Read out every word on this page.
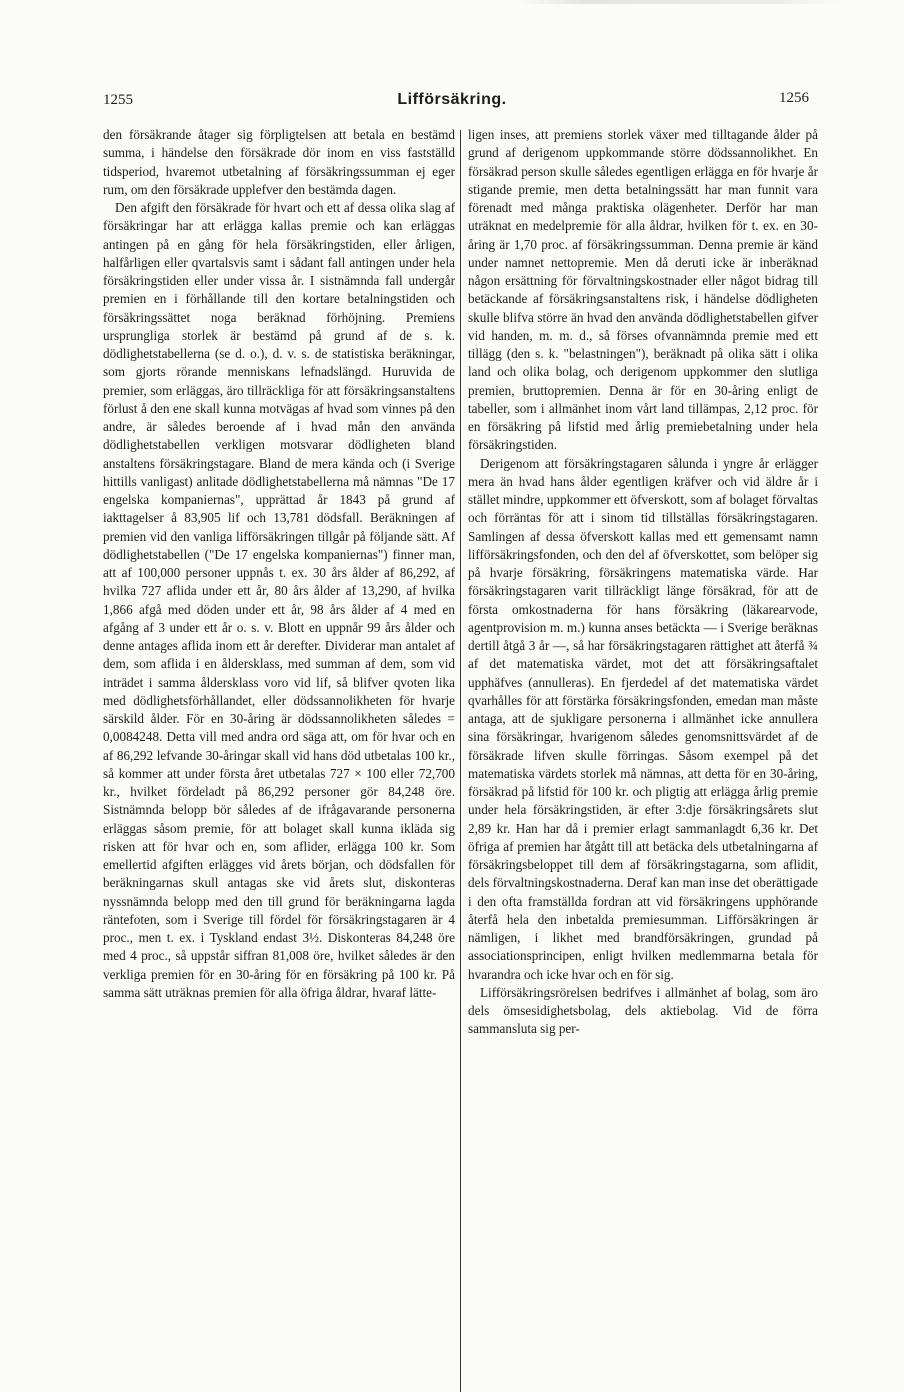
1255	Lifförsäkring.	1256

den försäkrande åtager sig förpligtelsen att betala en bestämd summa, i händelse den försäkrade dör inom en viss fastställd tidsperiod, hvaremot utbetalning af försäkringssumman ej eger rum, om den försäkrade upplefver den bestämda dagen.

Den afgift den försäkrade för hvart och ett af dessa olika slag af försäkringar har att erlägga kallas premie och kan erläggas antingen på en gång för hela försäkringstiden, eller årligen, halfårligen eller qvartalsvis samt i sådant fall antingen under hela försäkringstiden eller under vissa år. I sistnämnda fall undergår premien en i förhållande till den kortare betalningstiden och försäkringssättet noga beräknad förhöjning. Premiens ursprungliga storlek är bestämd på grund af de s. k. dödlighetstabellerna (se d. o.), d. v. s. de statistiska beräkningar, som gjorts rörande menniskans lefnadslängd. Huruvida de premier, som erläggas, äro tillräckliga för att försäkringsanstaltens förlust å den ene skall kunna motvägas af hvad som vinnes på den andre, är således beroende af i hvad mån den använda dödlighetstabellen verkligen motsvarar dödligheten bland anstaltens försäkringstagare. Bland de mera kända och (i Sverige hittills vanligast) anlitade dödlighetstabellerna må nämnas "De 17 engelska kompaniernas", upprättad år 1843 på grund af iakttagelser å 83,905 lif och 13,781 dödsfall. Beräkningen af premien vid den vanliga lifförsäkringen tillgår på följande sätt. Af dödlighetstabellen ("De 17 engelska kompaniernas") finner man, att af 100,000 personer uppnås t. ex. 30 års ålder af 86,292, af hvilka 727 aflida under ett år, 80 års ålder af 13,290, af hvilka 1,866 afgå med döden under ett år, 98 års ålder af 4 med en afgång af 3 under ett år o. s. v. Blott en uppnår 99 års ålder och denne antages aflida inom ett år derefter. Dividerar man antalet af dem, som aflida i en åldersklass, med summan af dem, som vid inträdet i samma åldersklass voro vid lif, så blifver qvoten lika med dödlighetsförhållandet, eller dödssannolikheten för hvarje särskild ålder. För en 30-åring är dödssannolikheten således = 0,0084248. Detta vill med andra ord säga att, om för hvar och en af 86,292 lefvande 30-åringar skall vid hans död utbetalas 100 kr., så kommer att under första året utbetalas 727 × 100 eller 72,700 kr., hvilket fördeladt på 86,292 personer gör 84,248 öre. Sistnämnda belopp bör således af de ifrågavarande personerna erläggas såsom premie, för att bolaget skall kunna ikläda sig risken att för hvar och en, som aflider, erlägga 100 kr. Som emellertid afgiften erlägges vid årets början, och dödsfallen för beräkningarnas skull antagas ske vid årets slut, diskonteras nyssnämnda belopp med den till grund för beräkningarna lagda räntefoten, som i Sverige till fördel för försäkringstagaren är 4 proc., men t. ex. i Tyskland endast 3½. Diskonteras 84,248 öre med 4 proc., så uppstår siffran 81,008 öre, hvilket således är den verkliga premien för en 30-åring för en försäkring på 100 kr. På samma sätt uträknas premien för alla öfriga åldrar, hvaraf lätte-

ligen inses, att premiens storlek växer med tilltagande ålder på grund af derigenom uppkommande större dödssannolikhet. En försäkrad person skulle således egentligen erlägga en för hvarje år stigande premie, men detta betalningssätt har man funnit vara förenadt med många praktiska olägenheter. Derför har man uträknat en medelpremie för alla åldrar, hvilken för t. ex. en 30-åring är 1,70 proc. af försäkringssumman. Denna premie är känd under namnet nettopremie. Men då deruti icke är inberäknad någon ersättning för förvaltningskostnader eller något bidrag till betäckande af försäkringsanstaltens risk, i händelse dödligheten skulle blifva större än hvad den använda dödlighetstabellen gifver vid handen, m. m. d., så förses ofvannämnda premie med ett tillägg (den s. k. "belastningen"), beräknadt på olika sätt i olika land och olika bolag, och derigenom uppkommer den slutliga premien, bruttopremien. Denna är för en 30-åring enligt de tabeller, som i allmänhet inom vårt land tillämpas, 2,12 proc. för en försäkring på lifstid med årlig premiebetalning under hela försäkringstiden.

Derigenom att försäkringstagaren sålunda i yngre år erlägger mera än hvad hans ålder egentligen kräfver och vid äldre år i stället mindre, uppkommer ett öfverskott, som af bolaget förvaltas och förräntas för att i sinom tid tillställas försäkringstagaren. Samlingen af dessa öfverskott kallas med ett gemensamt namn lifförsäkringsfonden, och den del af öfverskottet, som belöper sig på hvarje försäkring, försäkringens matematiska värde. Har försäkringstagaren varit tillräckligt länge försäkrad, för att de första omkostnaderna för hans försäkring (läkarearvode, agentprovision m. m.) kunna anses betäckta — i Sverige beräknas dertill åtgå 3 år —, så har försäkringstagaren rättighet att återfå ¾ af det matematiska värdet, mot det att försäkringsaftalet upphäfves (annulleras). En fjerdedel af det matematiska värdet qvarhålles för att förstärka försäkringsfonden, emedan man måste antaga, att de sjukligare personerna i allmänhet icke annullera sina försäkringar, hvarigenom således genomsnittsvärdet af de försäkrade lifven skulle förringas. Såsom exempel på det matematiska värdets storlek må nämnas, att detta för en 30-åring, försäkrad på lifstid för 100 kr. och pligtig att erlägga årlig premie under hela försäkringstiden, är efter 3:dje försäkringsårets slut 2,89 kr. Han har då i premier erlagt sammanlagdt 6,36 kr. Det öfriga af premien har åtgått till att betäcka dels utbetalningarna af försäkringsbeloppet till dem af försäkringstagarna, som aflidit, dels förvaltningskostnaderna. Deraf kan man inse det oberättigade i den ofta framställda fordran att vid försäkringens upphörande återfå hela den inbetalda premiesumman. Lifförsäkringen är nämligen, i likhet med brandförsäkringen, grundad på associationsprincipen, enligt hvilken medlemmarna betala för hvarandra och icke hvar och en för sig.

Lifförsäkringsrörelsen bedrifves i allmänhet af bolag, som äro dels ömsesidighetsbolag, dels aktiebolag. Vid de förra sammansluta sig per-
